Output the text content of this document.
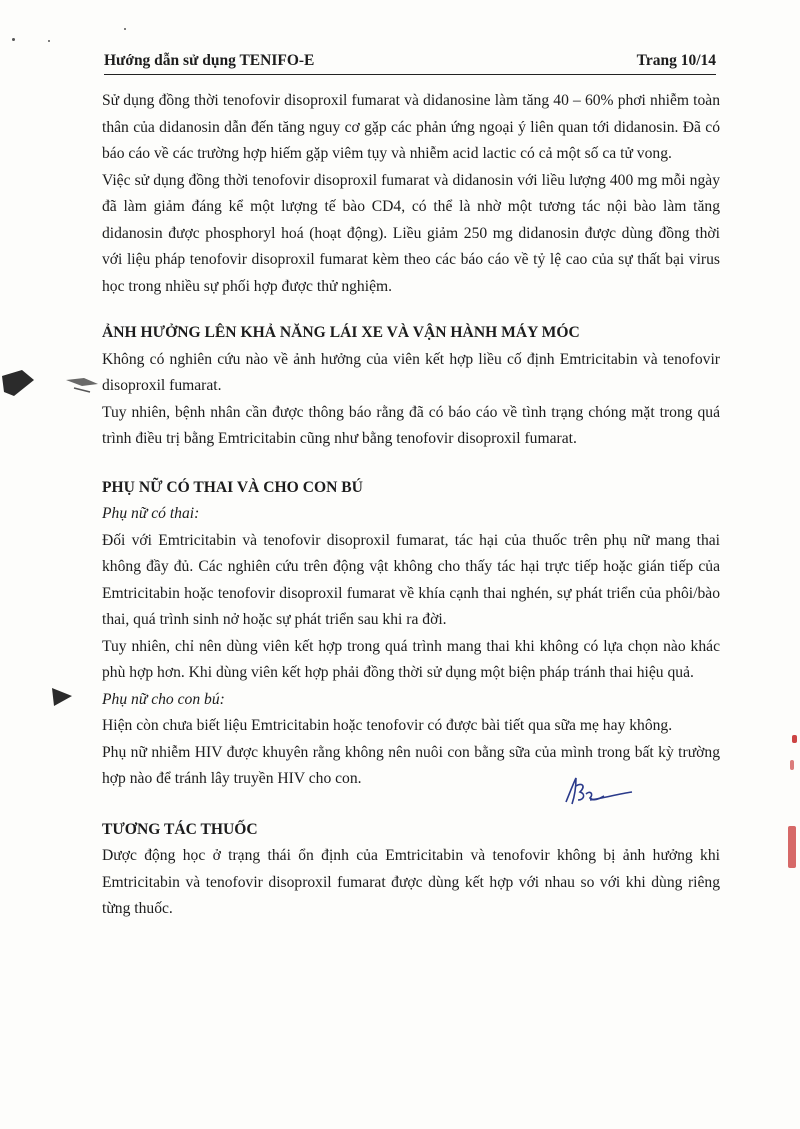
Hướng dẫn sử dụng TENIFO-E	Trang 10/14

Sử dụng đồng thời tenofovir disoproxil fumarat và didanosine làm tăng 40 – 60% phơi nhiễm toàn thân của didanosin dẫn đến tăng nguy cơ gặp các phản ứng ngoại ý liên quan tới didanosin. Đã có báo cáo về các trường hợp hiếm gặp viêm tụy và nhiễm acid lactic có cả một số ca tử vong.

Việc sử dụng đồng thời tenofovir disoproxil fumarat và didanosin với liều lượng 400 mg mỗi ngày đã làm giảm đáng kể một lượng tế bào CD4, có thể là nhờ một tương tác nội bào làm tăng didanosin được phosphoryl hoá (hoạt động). Liều giảm 250 mg didanosin được dùng đồng thời với liệu pháp tenofovir disoproxil fumarat kèm theo các báo cáo về tỷ lệ cao của sự thất bại virus học trong nhiều sự phối hợp được thử nghiệm.

ẢNH HƯỞNG LÊN KHẢ NĂNG LÁI XE VÀ VẬN HÀNH MÁY MÓC

Không có nghiên cứu nào về ảnh hưởng của viên kết hợp liều cố định Emtricitabin và tenofovir disoproxil fumarat.

Tuy nhiên, bệnh nhân cần được thông báo rằng đã có báo cáo về tình trạng chóng mặt trong quá trình điều trị bằng Emtricitabin cũng như bằng tenofovir disoproxil fumarat.

PHỤ NỮ CÓ THAI VÀ CHO CON BÚ

Phụ nữ có thai:

Đối với Emtricitabin và tenofovir disoproxil fumarat, tác hại của thuốc trên phụ nữ mang thai không đầy đủ. Các nghiên cứu trên động vật không cho thấy tác hại trực tiếp hoặc gián tiếp của Emtricitabin hoặc tenofovir disoproxil fumarat về khía cạnh thai nghén, sự phát triển của phôi/bào thai, quá trình sinh nở hoặc sự phát triển sau khi ra đời.

Tuy nhiên, chỉ nên dùng viên kết hợp trong quá trình mang thai khi không có lựa chọn nào khác phù hợp hơn. Khi dùng viên kết hợp phải đồng thời sử dụng một biện pháp tránh thai hiệu quả.

Phụ nữ cho con bú:

Hiện còn chưa biết liệu Emtricitabin hoặc tenofovir có được bài tiết qua sữa mẹ hay không.

Phụ nữ nhiễm HIV được khuyên rằng không nên nuôi con bằng sữa của mình trong bất kỳ trường hợp nào để tránh lây truyền HIV cho con.

TƯƠNG TÁC THUỐC

Dược động học ở trạng thái ổn định của Emtricitabin và tenofovir không bị ảnh hưởng khi Emtricitabin và tenofovir disoproxil fumarat được dùng kết hợp với nhau so với khi dùng riêng từng thuốc.
